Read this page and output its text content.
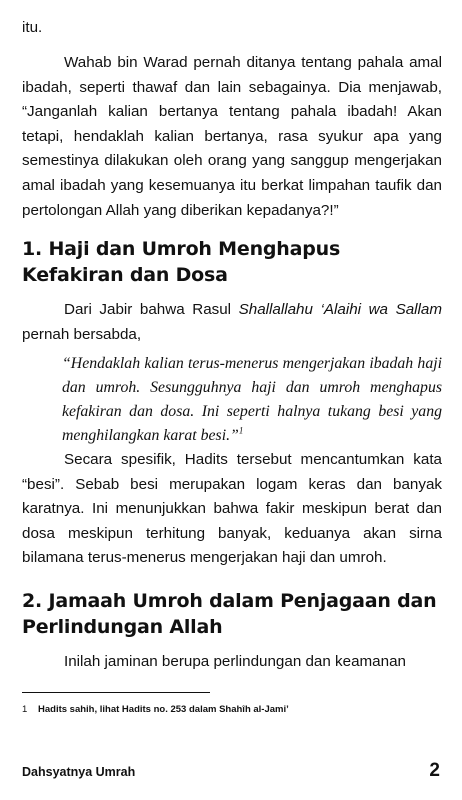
itu.

Wahab bin Warad pernah ditanya tentang pahala amal ibadah, seperti thawaf dan lain sebagainya. Dia menjawab, “Janganlah kalian bertanya tentang pahala ibadah! Akan tetapi, hendaklah kalian bertanya, rasa syukur apa yang semestinya dilakukan oleh orang yang sanggup mengerjakan amal ibadah yang kesemuanya itu berkat limpahan taufik dan pertolongan Allah yang diberikan kepadanya?!”

1. Haji dan Umroh Menghapus Kefakiran dan Dosa

Dari Jabir bahwa Rasul Shallallahu ‘Alaihi wa Sallam pernah bersabda,

“Hendaklah kalian terus-menerus mengerjakan ibadah haji dan umroh. Sesungguhnya haji dan umroh menghapus kefakiran dan dosa. Ini seperti halnya tukang besi yang menghilangkan karat besi.”$^1$

Secara spesifik, Hadits tersebut mencantumkan kata “besi”. Sebab besi merupakan logam keras dan banyak karatnya. Ini menunjukkan bahwa fakir meskipun berat dan dosa meskipun terhitung banyak, keduanya akan sirna bilamana terus-menerus mengerjakan haji dan umroh.

2. Jamaah Umroh dalam Penjagaan dan Perlindungan Allah

Inilah jaminan berupa perlindungan dan keamanan

1 Hadits sahih, lihat Hadits no. 253 dalam Shahîh al-Jami’

Dahsyatnya Umrah	2
